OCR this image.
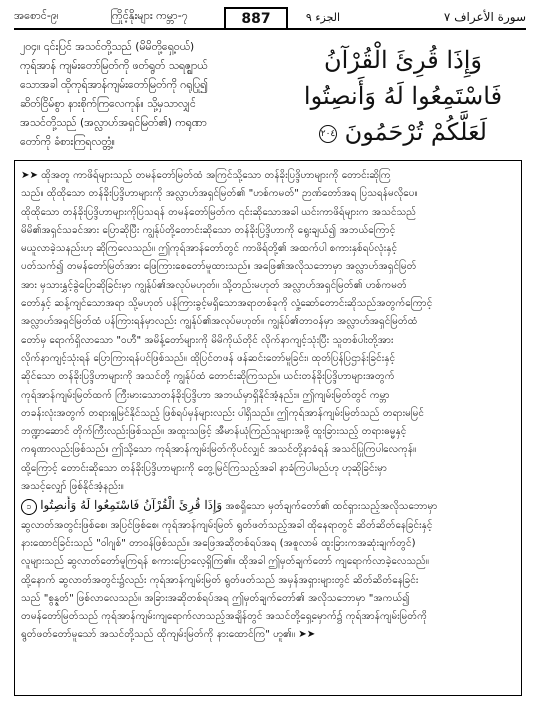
အစောင်-၉၊	ကြိုင့်နိုးများ ကမ္ဘာ-၇	887	الجزء ٩	سورة الأعراف ٧
၂၀၄။ ၎င်းပြင် အသင်တို့သည် (မိမိတို့ရှေ့ဝယ်)
ကုရ်အာန် ကျမ်းတော်မြတ်ကို ဖတ်ရွတ် သရဇ္ဈာယ်
သောအခါ ထိုကုရ်အာန်ကျမ်းတော်မြတ်ကို ဂရုပြု၍
ဆိတ်ငြိမ်စွာ နားစိုက်ကြလေကုန်။ သို့မှသာလျှင်
အသင်တို့သည် (အလ္လာဟ်အရှင်မြတ်၏) ကရုဏာ
တော်ကို ခံစားကြရလတ္တံ့။
وَإِذَا قُرِئَ الْقُرْآنُ
فَاسْتَمِعُوا لَهُ وَأَنصِتُوا
لَعَلَّكُمْ تُرْحَمُونَ ٢٠٤
➤➤ ထိုအတူ ကာဖိရ်များသည် တမန်တော်မြတ်ထံ အကြင်သို့သော တန်ခိုးပြဒ္ဒိဟာများကို တောင်းဆိုကြ
သည်။ ထိုထိုသော တန်ခိုးပြဒ္ဒိဟာများကို အလ္လာဟ်အရှင်မြတ်၏ "ဟစ်ကမတ်" ဉာဏ်တော်အရ ပြသရန်မလိုပေ။
ထိုထိုသော တန်ခိုးပြဒ္ဒိဟာများကိုပြသရန် တမန်တော်မြတ်က ၎င်းဆိုသောအခါ ယင်းကာဖိရ်များက အသင်သည်
မိမိ၏အရှင်သခင်အား ပြောဆိုပြီး ကျွန်ုပ်တို့တောင်းဆိုသော တန်ခိုးပြဒ္ဒိဟာကို ရွေးချယ်၍ အဘယ်ကြောင့်
မယူလာခဲ့သနည်းဟု ဆိုကြလေသည်။ ဤကုရ်အာန်တော်တွင် ကာဖိရ်တို့၏ အထက်ပါ စကားနှစ်ရပ်လုံးနှင့်
ပတ်သက်၍ တမန်တော်မြတ်အား ဖြေကြားစေတော်မူထားသည်။ အဖြေ၏အလိုသဘောမှာ အလ္လာဟ်အရှင်မြတ်
အား မှသားနွှင့်ခွဲပြောဆိုခြင်းမှာ ကျွန်ုပ်၏အလုပ်မဟုတ်။ သို့တည်းမဟုတ် အလ္လာဟ်အရှင်မြတ်၏ ဟစ်ကမတ်
တော်နှင့် ဆန့်ကျင်သောအရာ သို့မဟုတ် ပန်ကြားခွင့်မရှိသောအရာတစ်ခုကို လှုံ့ဆော်တောင်းဆိုသည်အတွက်ကြောင့်
အလ္လာဟ်အရှင်မြတ်ထံ ပန်ကြားရန်မှာလည်း ကျွန်ုပ်၏အလုပ်မဟုတ်။ ကျွန်ုပ်၏တာဝန်မှာ အလ္လာဟ်အရှင်မြတ်ထံ
တော်မှ ရောက်ရှိလာသော "ဝဟီ" အမိန့်တော်များကို မိမိကိုယ်တိုင် လိုက်နာကျင့်သုံးပြီး သူတစ်ပါးတို့အား
လိုက်နာကျင့်သုံးရန် ပြောကြားရန်ပင်ဖြစ်သည်။ ထိုပြင်တဖန် ဖန်ဆင်းတော်မူခြင်း၊ ထုတ်ပြန်ပြဌာန်းခြင်းနှင့်
ဆိုင်သော တန်ခိုးပြဒ္ဒိဟာများကို အသင်တို့ ကျွန်ုပ်ထံ တောင်းဆိုကြသည်။ ယင်းတန်ခိုးပြဒ္ဒိဟာများအတွက်
ကုရ်အာန်ကျမ်းမြတ်ထက် ကြီးမားသောတန်ခိုးပြဒ္ဒိဟာ အဘယ်မှာရှိနိုင်အံ့နည်း။ ဤကျမ်းမြတ်တွင် ကမ္ဘာ
တခန်းလုံးအတွက် တရားရှုမြင်နိုင်သည့် ဖြစ်ရပ်မှန်များလည်း ပါရှိသည်။ ဤကုရ်အာန်ကျမ်းမြတ်သည် တရားမမြင်
ဘဏ္ဍာဆောင် တိုက်ကြီးလည်းဖြစ်သည်။ အထူးသဖြင့် အီမာန်ယုံကြည်သူများအဖို့ ထူးခြားသည့် တရားဓမ္မနှင့်
ကရုဏာလည်းဖြစ်သည်။ ဤသို့သော ကုရ်အာန်ကျမ်းမြတ်ကိုပင်လျှင် အသင်တို့နာခံရန် အသင်ပြုကြပါလေကုန်။
ထို့ကြောင့် တောင်းဆိုသော တန်ခိုးပြဒ္ဒိဟာများကို တွေ့မြင်ကြသည့်အခါ နာခံကြပါမည်ဟု ဟုဆိုခြင်းမှာ
အသင့်လျှော် ဖြစ်နိုင်အံ့နည်း။
၁ وَإِذَا قُرِئَ الْقُرْآنُ فَاسْتَمِعُوا لَهُ وَأَنصِتُوا အစရှိသော မှတ်ချက်တော်၏ ထင်ရှားသည့်အလိုသဘောမှာ
ဆွလာတ်အတွင်းဖြစ်စေ၊ အပြင်ဖြစ်စေ၊ ကုရ်အာန်ကျမ်းမြတ် ရွတ်ဖတ်သည့်အခါ ထိုနေရာတွင် ဆိတ်ဆိတ်နေခြင်းနှင့်
နားထောင်ခြင်းသည် "ဝါဂျစ်" တာဝန်ဖြစ်သည်။ အဖြေအဆိုတစ်ရပ်အရ (အစူလာမ် ထူးခြားကအဆုံးချက်တွင်)
လူများသည် ဆွလာတ်တော်မူကြရန် စကားပြောလေ့ရှိကြ၏။ ထိုအခါ ဤမှတ်ချက်တော် ကျရောက်လာခဲ့လေသည်။
ထို့နောက် ဆွလာတ်အတွင်း၌လည်း ကုရ်အာန်ကျမ်းမြတ် ရွတ်ဖတ်သည် အမှန်အရှားများတွင် ဆိတ်ဆိတ်နေခြင်း
သည် "စွန္နတ်" ဖြစ်လာလေသည်။ အခြားအဆိုတစ်ရပ်အရ ဤမှတ်ချက်တော်၏ အလိုသဘောမှာ "အကယ်၍
တမန်တော်မြတ်သည် ကုရ်အာန်ကျမ်းကျရောက်လာသည့်အချိန်တွင် အသင်တို့ရှေ့မှောက်၌ ကုရ်အာန်ကျမ်းမြတ်ကို
ရွတ်ဖတ်တော်မူသော် အသင်တို့သည် ထိုကျမ်းမြတ်ကို နားထောင်ကြ" ဟူ၏။ ➤➤
